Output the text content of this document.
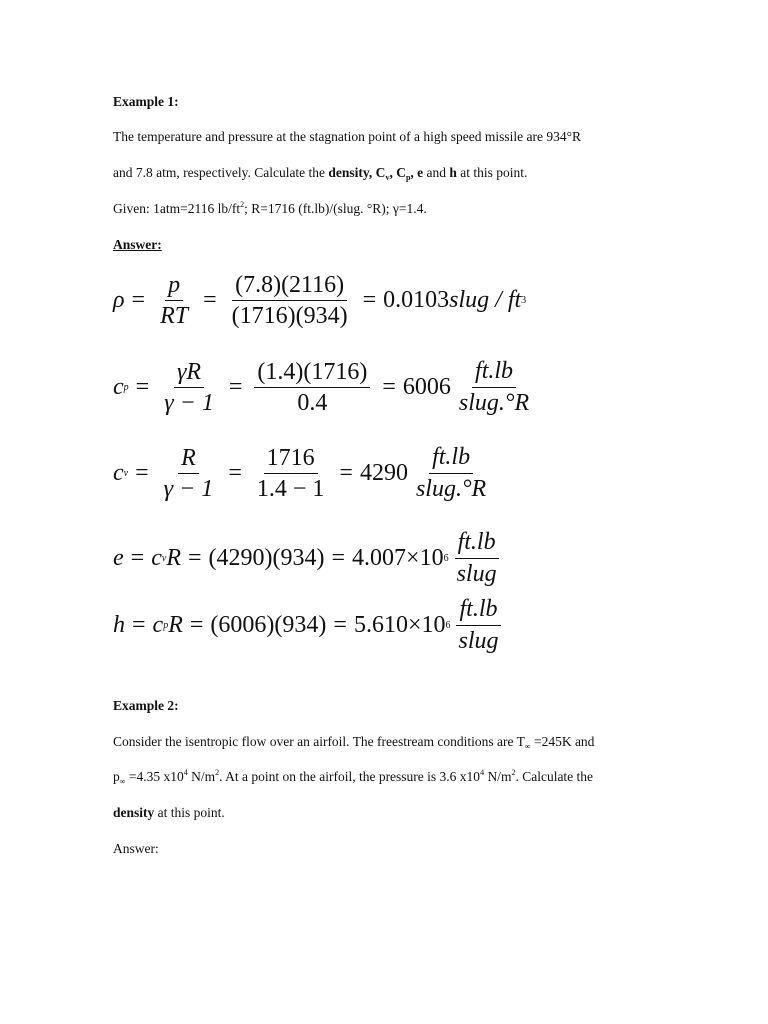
Example 1:
The temperature and pressure at the stagnation point of a high speed missile are 934°R
and 7.8 atm, respectively. Calculate the density, $C_v$, $C_p$, e and h at this point.
Given: 1atm=2116 $lb/ft^2$; R=1716 (ft.lb)/(slug. °R); γ=1.4.
Answer:
$\rho = \frac{p}{RT} = \frac{(7.8)(2116)}{(1716)(934)} = 0.0103$ slug / ft 3
c $p = \frac{\gamma R}{\gamma - 1} = \frac{(1.4)(1716)}{0.4} = 6006 \frac{ft.lb}{\text{slug.°R}}$
c $v = \frac{R}{\gamma - 1} = \frac{1716}{1.4 - 1} = 4290 \frac{ft.lb}{\text{slug.°R}}$
e = c v R = (4290)(934) = 4.007×10 $6 \frac{ft.lb}{\text{slug}}$
h = c p R = (6006)(934) = 5.610×10 $6 \frac{ft.lb}{\text{slug}}$
Example 2:
Consider the isentropic flow over an airfoil. The freestream conditions are $T_\infty =245K$ and
$p_\infty =4.35$ $x10^4$ $N/m^2$. At a point on the airfoil, the pressure is 3.6 $x10^4$ $N/m^2$. Calculate the
density at this point.
Answer:
